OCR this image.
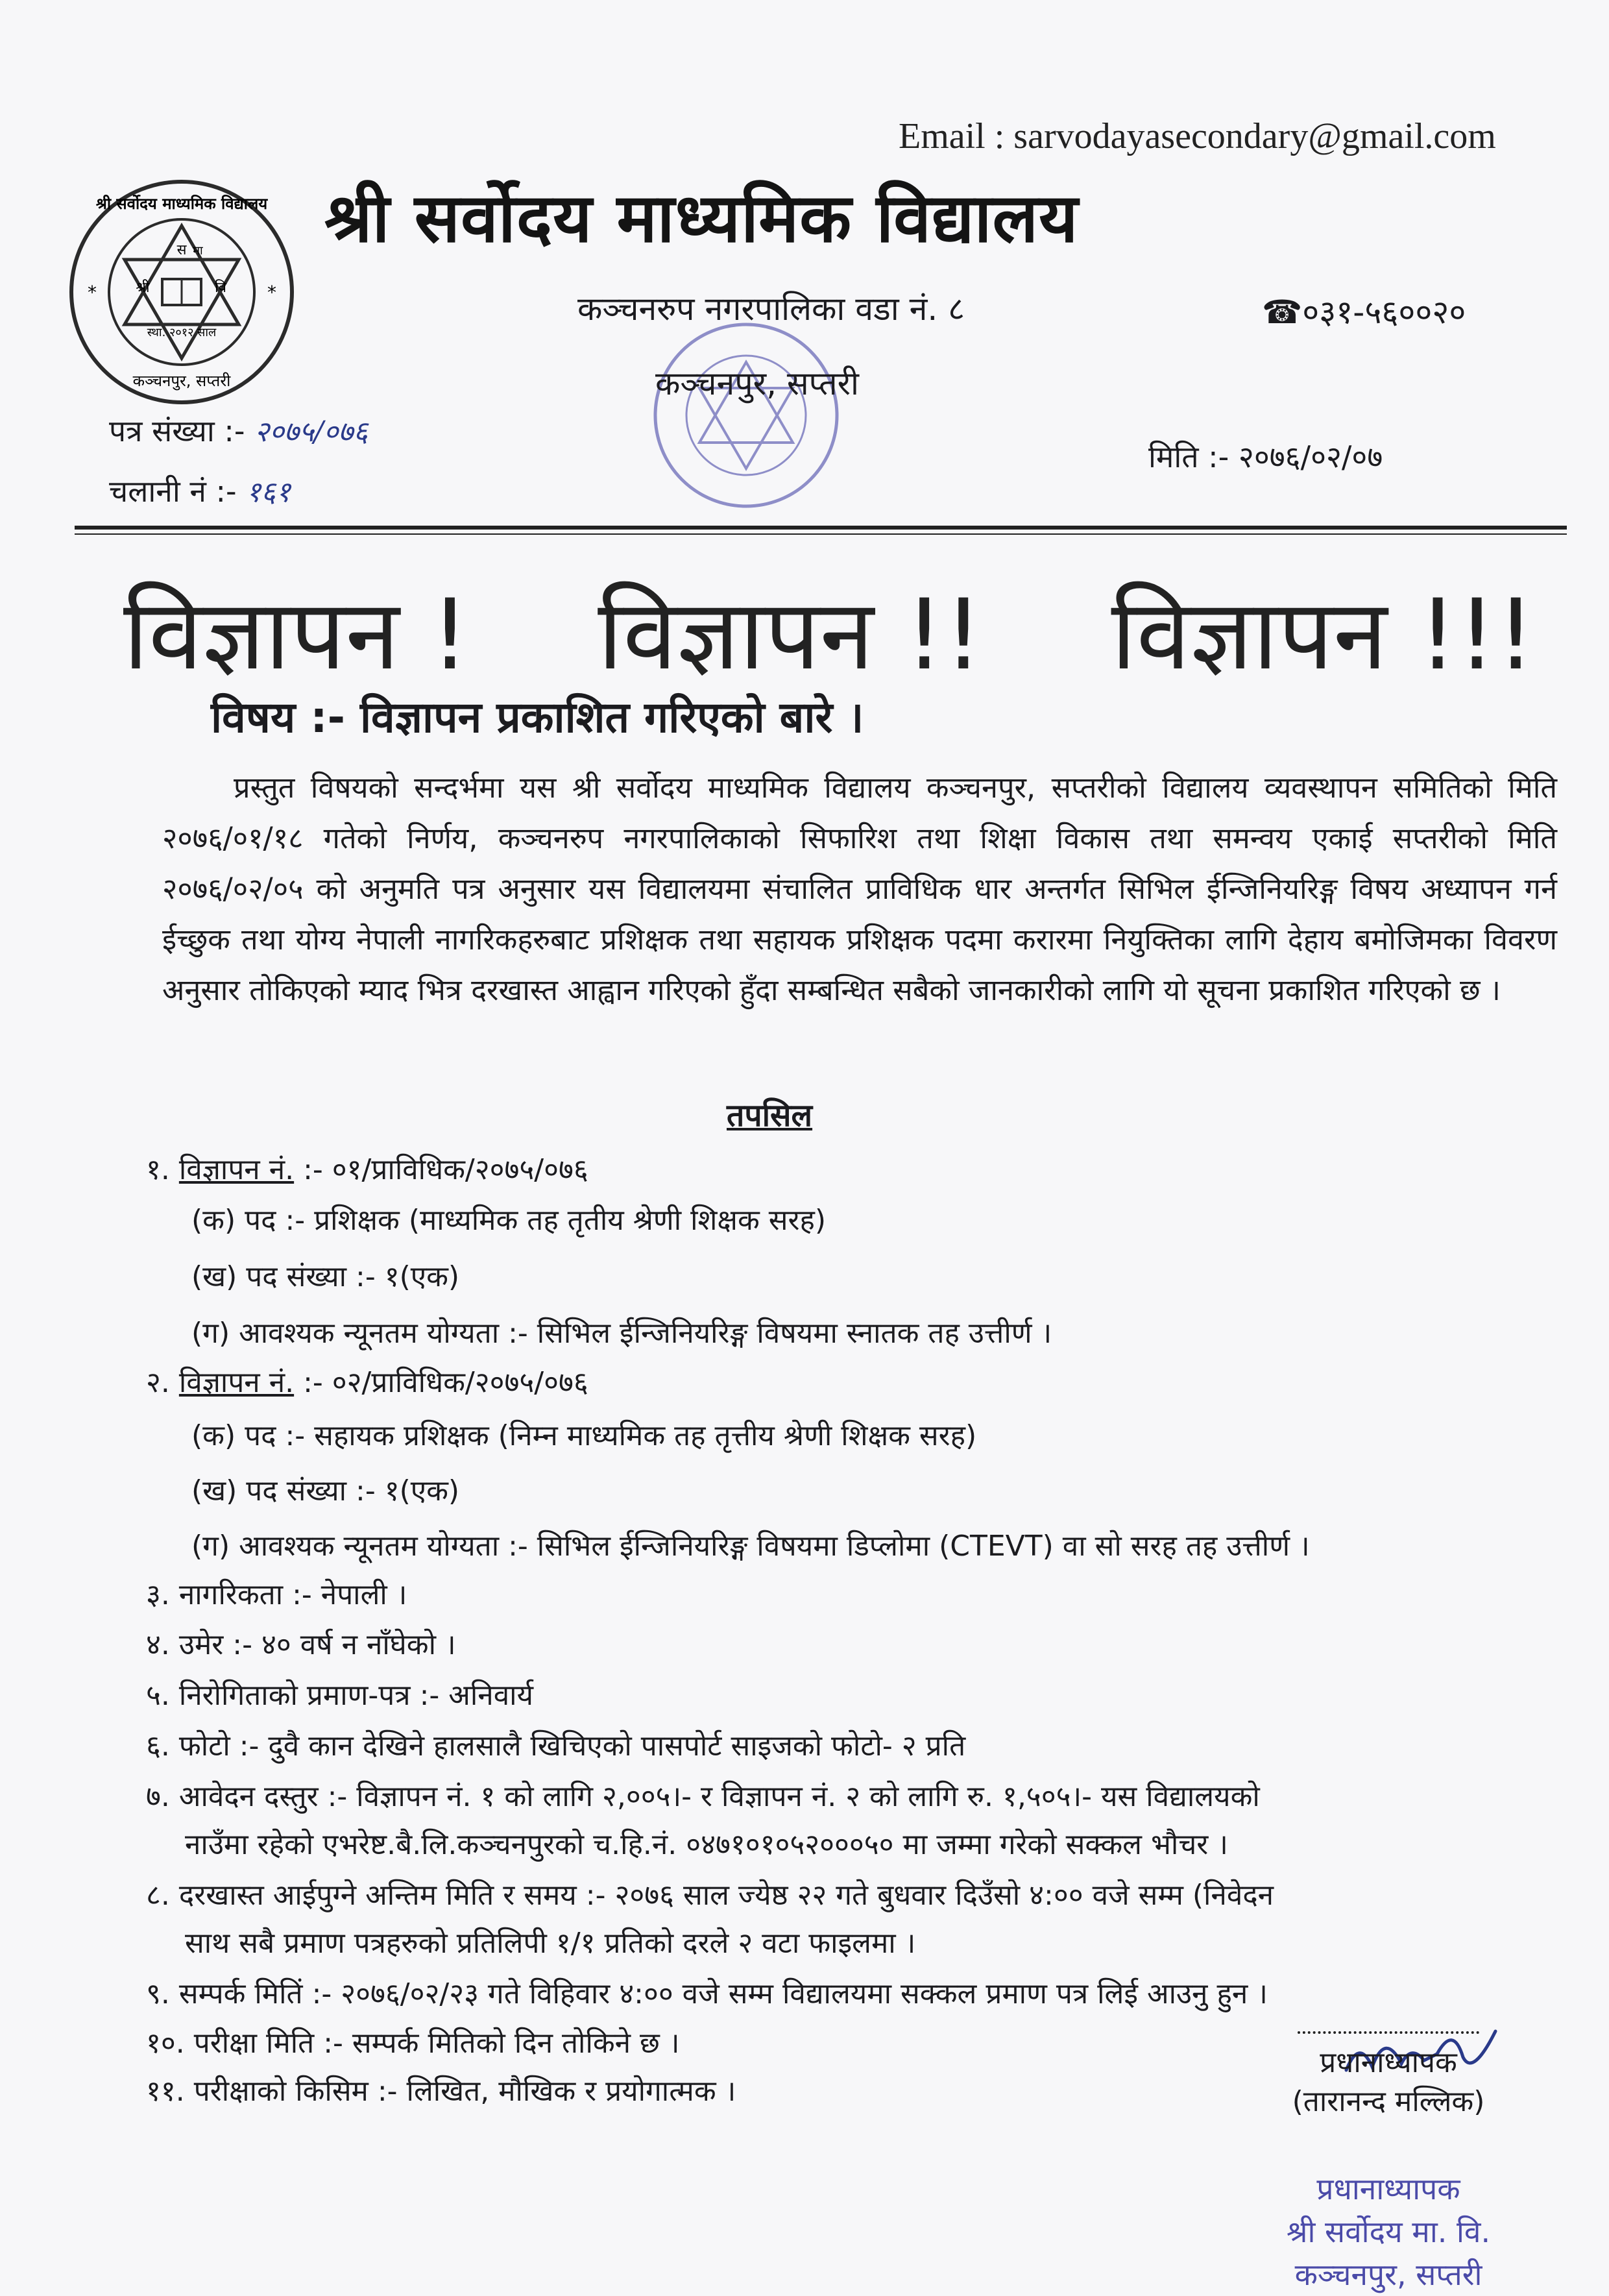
स मा
श्री	वि
स्था. २०१२ साल
श्री सर्वोदय माध्यमिक विद्यालय
कञ्चनपुर, सप्तरी
*	*
Email : sarvodayasecondary@gmail.com
श्री सर्वोदय माध्यमिक विद्यालय
कञ्चनरुप नगरपालिका वडा नं. ८	☎०३१-५६००२०
कञ्चनपुर, सप्तरी
पत्र संख्या :- २०७५/०७६
चलानी नं :- १६१
मिति :- २०७६/०२/०७
विज्ञापन ! विज्ञापन !! विज्ञापन !!!
विषय :- विज्ञापन प्रकाशित गरिएको बारे ।
प्रस्तुत विषयको सन्दर्भमा यस श्री सर्वोदय माध्यमिक विद्यालय कञ्चनपुर, सप्तरीको विद्यालय व्यवस्थापन समितिको मिति २०७६/०१/१८ गतेको निर्णय, कञ्चनरुप नगरपालिकाको सिफारिश तथा शिक्षा विकास तथा समन्वय एकाई सप्तरीको मिति २०७६/०२/०५ को अनुमति पत्र अनुसार यस विद्यालयमा संचालित प्राविधिक धार अन्तर्गत सिभिल ईन्जिनियरिङ्ग विषय अध्यापन गर्न ईच्छुक तथा योग्य नेपाली नागरिकहरुबाट प्रशिक्षक तथा सहायक प्रशिक्षक पदमा करारमा नियुक्तिका लागि देहाय बमोजिमका विवरण अनुसार तोकिएको म्याद भित्र दरखास्त आह्वान गरिएको हुँदा सम्बन्धित सबैको जानकारीको लागि यो सूचना प्रकाशित गरिएको छ ।
तपसिल
१. विज्ञापन नं. :- ०१/प्राविधिक/२०७५/०७६
(क) पद :- प्रशिक्षक (माध्यमिक तह तृतीय श्रेणी शिक्षक सरह)
(ख) पद संख्या :- १(एक)
(ग) आवश्यक न्यूनतम योग्यता :- सिभिल ईन्जिनियरिङ्ग विषयमा स्नातक तह उत्तीर्ण ।
२. विज्ञापन नं. :- ०२/प्राविधिक/२०७५/०७६
(क) पद :- सहायक प्रशिक्षक (निम्न माध्यमिक तह तृत्तीय श्रेणी शिक्षक सरह)
(ख) पद संख्या :- १(एक)
(ग) आवश्यक न्यूनतम योग्यता :- सिभिल ईन्जिनियरिङ्ग विषयमा डिप्लोमा (CTEVT) वा सो सरह तह उत्तीर्ण ।
३. नागरिकता :- नेपाली ।
४. उमेर :- ४० वर्ष न नाँघेको ।
५. निरोगिताको प्रमाण-पत्र :- अनिवार्य
६. फोटो :- दुवै कान देखिने हालसालै खिचिएको पासपोर्ट साइजको फोटो- २ प्रति
७. आवेदन दस्तुर :- विज्ञापन नं. १ को लागि २,००५।- र विज्ञापन नं. २ को लागि रु. १,५०५।- यस विद्यालयको
नाउँमा रहेको एभरेष्ट.बै.लि.कञ्चनपुरको च.हि.नं. ०४७१०१०५२०००५० मा जम्मा गरेको सक्कल भौचर ।
८. दरखास्त आईपुग्ने अन्तिम मिति र समय :- २०७६ साल ज्येष्ठ २२ गते बुधवार दिउँसो ४:०० वजे सम्म (निवेदन
साथ सबै प्रमाण पत्रहरुको प्रतिलिपी १/१ प्रतिको दरले २ वटा फाइलमा ।
९. सम्पर्क मितिं :- २०७६/०२/२३ गते विहिवार ४:०० वजे सम्म विद्यालयमा सक्कल प्रमाण पत्र लिई आउनु हुन ।
१०. परीक्षा मिति :- सम्पर्क मितिको दिन तोकिने छ ।
११. परीक्षाको किसिम :- लिखित, मौखिक र प्रयोगात्मक ।
प्रधानाध्यापक
(तारानन्द मल्लिक)
प्रधानाध्यापक
श्री सर्वोदय मा. वि.
कञ्चनपुर, सप्तरी
